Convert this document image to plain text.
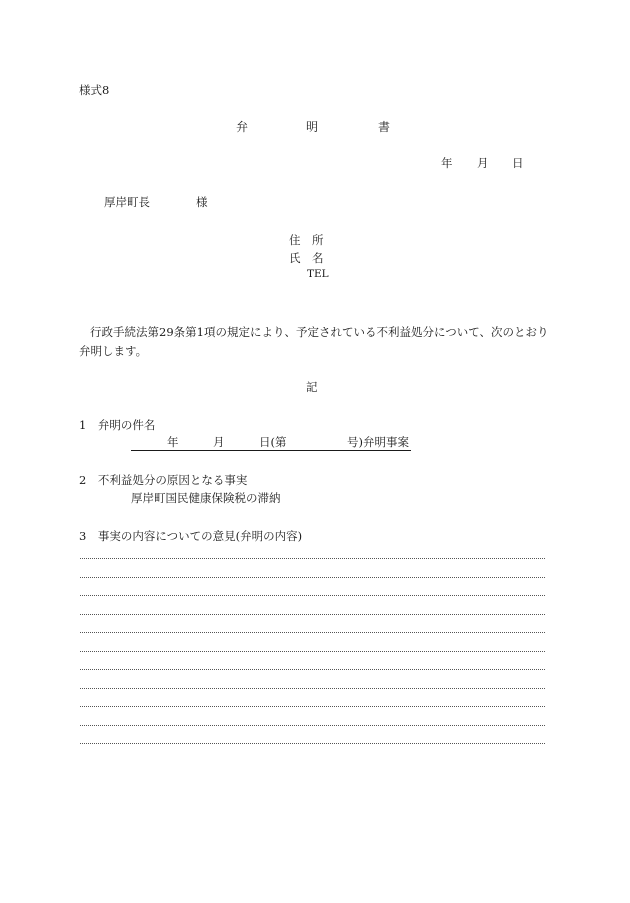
様式8
弁	明	書
年 月 日
厚岸町長	様
住　所
氏　名
TEL
行政手続法第29条第1項の規定により、予定されている不利益処分について、次のとおり
弁明します。
記
1　弁明の件名
年	月	日(第	号)弁明事案
2　不利益処分の原因となる事実
厚岸町国民健康保険税の滞納
3　事実の内容についての意見(弁明の内容)
